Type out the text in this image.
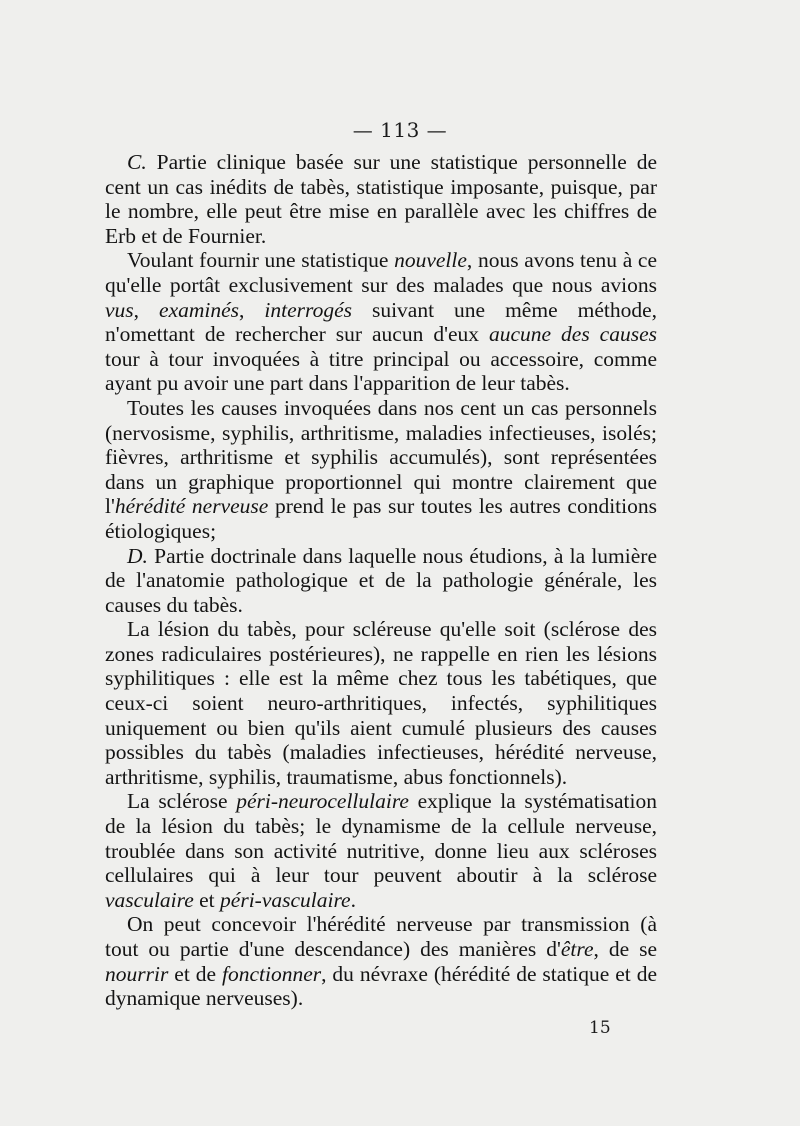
— 113 —

C. Partie clinique basée sur une statistique personnelle de cent un cas inédits de tabès, statistique imposante, puisque, par le nombre, elle peut être mise en parallèle avec les chiffres de Erb et de Fournier.

Voulant fournir une statistique nouvelle, nous avons tenu à ce qu'elle portât exclusivement sur des malades que nous avions vus, examinés, interrogés suivant une même méthode, n'omettant de rechercher sur aucun d'eux aucune des causes tour à tour invoquées à titre principal ou accessoire, comme ayant pu avoir une part dans l'apparition de leur tabès.

Toutes les causes invoquées dans nos cent un cas personnels (nervosisme, syphilis, arthritisme, maladies infectieuses, isolés; fièvres, arthritisme et syphilis accumulés), sont représentées dans un graphique proportionnel qui montre clairement que l'hérédité nerveuse prend le pas sur toutes les autres conditions étiologiques;

D. Partie doctrinale dans laquelle nous étudions, à la lumière de l'anatomie pathologique et de la pathologie générale, les causes du tabès.

La lésion du tabès, pour scléreuse qu'elle soit (sclérose des zones radiculaires postérieures), ne rappelle en rien les lésions syphilitiques : elle est la même chez tous les tabétiques, que ceux-ci soient neuro-arthritiques, infectés, syphilitiques uniquement ou bien qu'ils aient cumulé plusieurs des causes possibles du tabès (maladies infectieuses, hérédité nerveuse, arthritisme, syphilis, traumatisme, abus fonctionnels).

La sclérose péri-neurocellulaire explique la systématisation de la lésion du tabès; le dynamisme de la cellule nerveuse, troublée dans son activité nutritive, donne lieu aux scléroses cellulaires qui à leur tour peuvent aboutir à la sclérose vasculaire et péri-vasculaire.

On peut concevoir l'hérédité nerveuse par transmission (à tout ou partie d'une descendance) des manières d'être, de se nourrir et de fonctionner, du névraxe (hérédité de statique et de dynamique nerveuses).

15
